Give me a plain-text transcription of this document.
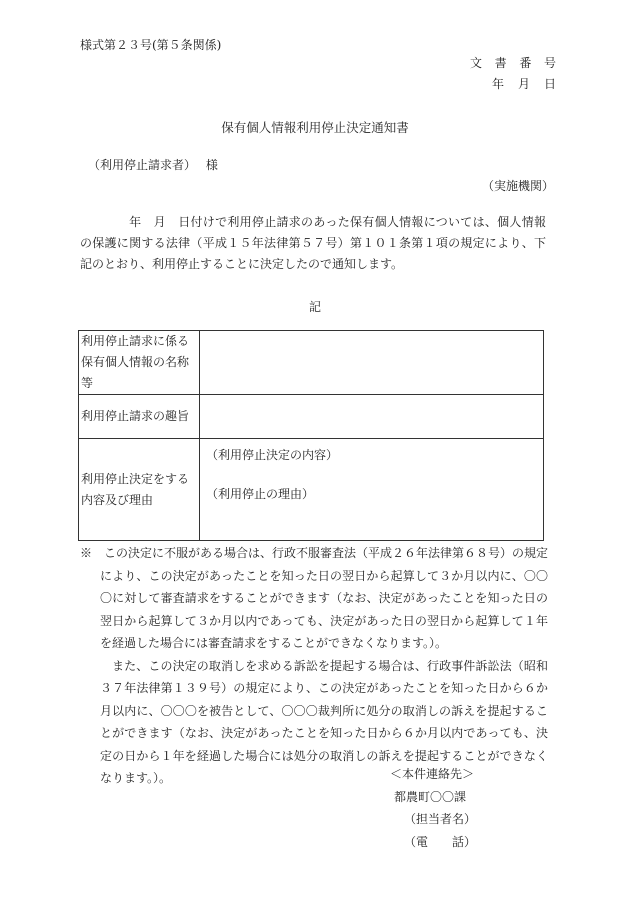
様式第２３号(第５条関係)
文書番号
年月日
保有個人情報利用停止決定通知書
（利用停止請求者）　 様
（実施機関）
　　　　年　月　日付けで利用停止請求のあった保有個人情報については、個人情報の保護に関する法律（平成１５年法律第５７号）第１０１条第１項の規定により、下記のとおり、利用停止することに決定したので通知します。
記
利用停止請求に係る保有個人情報の名称等	
利用停止請求の趣旨	
利用停止決定をする内容及び理由	（利用停止決定の内容）
（利用停止の理由）

※　この決定に不服がある場合は、行政不服審査法（平成２６年法律第６８号）の規定により、この決定があったことを知った日の翌日から起算して３か月以内に、〇〇〇に対して審査請求をすることができます（なお、決定があったことを知った日の翌日から起算して３か月以内であっても、決定があった日の翌日から起算して１年を経過した場合には審査請求をすることができなくなります。）。

また、この決定の取消しを求める訴訟を提起する場合は、行政事件訴訟法（昭和３７年法律第１３９号）の規定により、この決定があったことを知った日から６か月以内に、〇〇〇を被告として、〇〇〇裁判所に処分の取消しの訴えを提起することができます（なお、決定があったことを知った日から６か月以内であっても、決定の日から１年を経過した場合には処分の取消しの訴えを提起することができなくなります。）。	＜本件連絡先＞
都農町〇〇課
（担当者名）
（電　　話）
